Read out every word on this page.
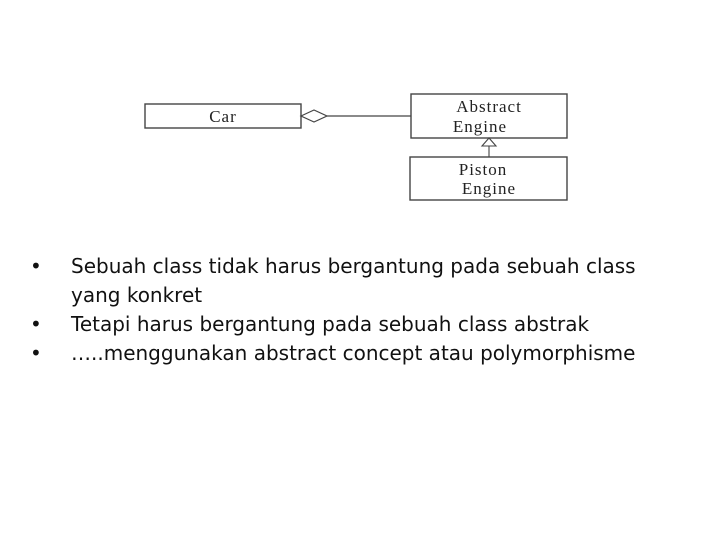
Car
Abstract
Engine
Piston
Engine
• Sebuah class tidak harus bergantung pada sebuah class yang konkret
• Tetapi harus bergantung pada sebuah class abstrak
• …..menggunakan abstract concept atau polymorphisme
